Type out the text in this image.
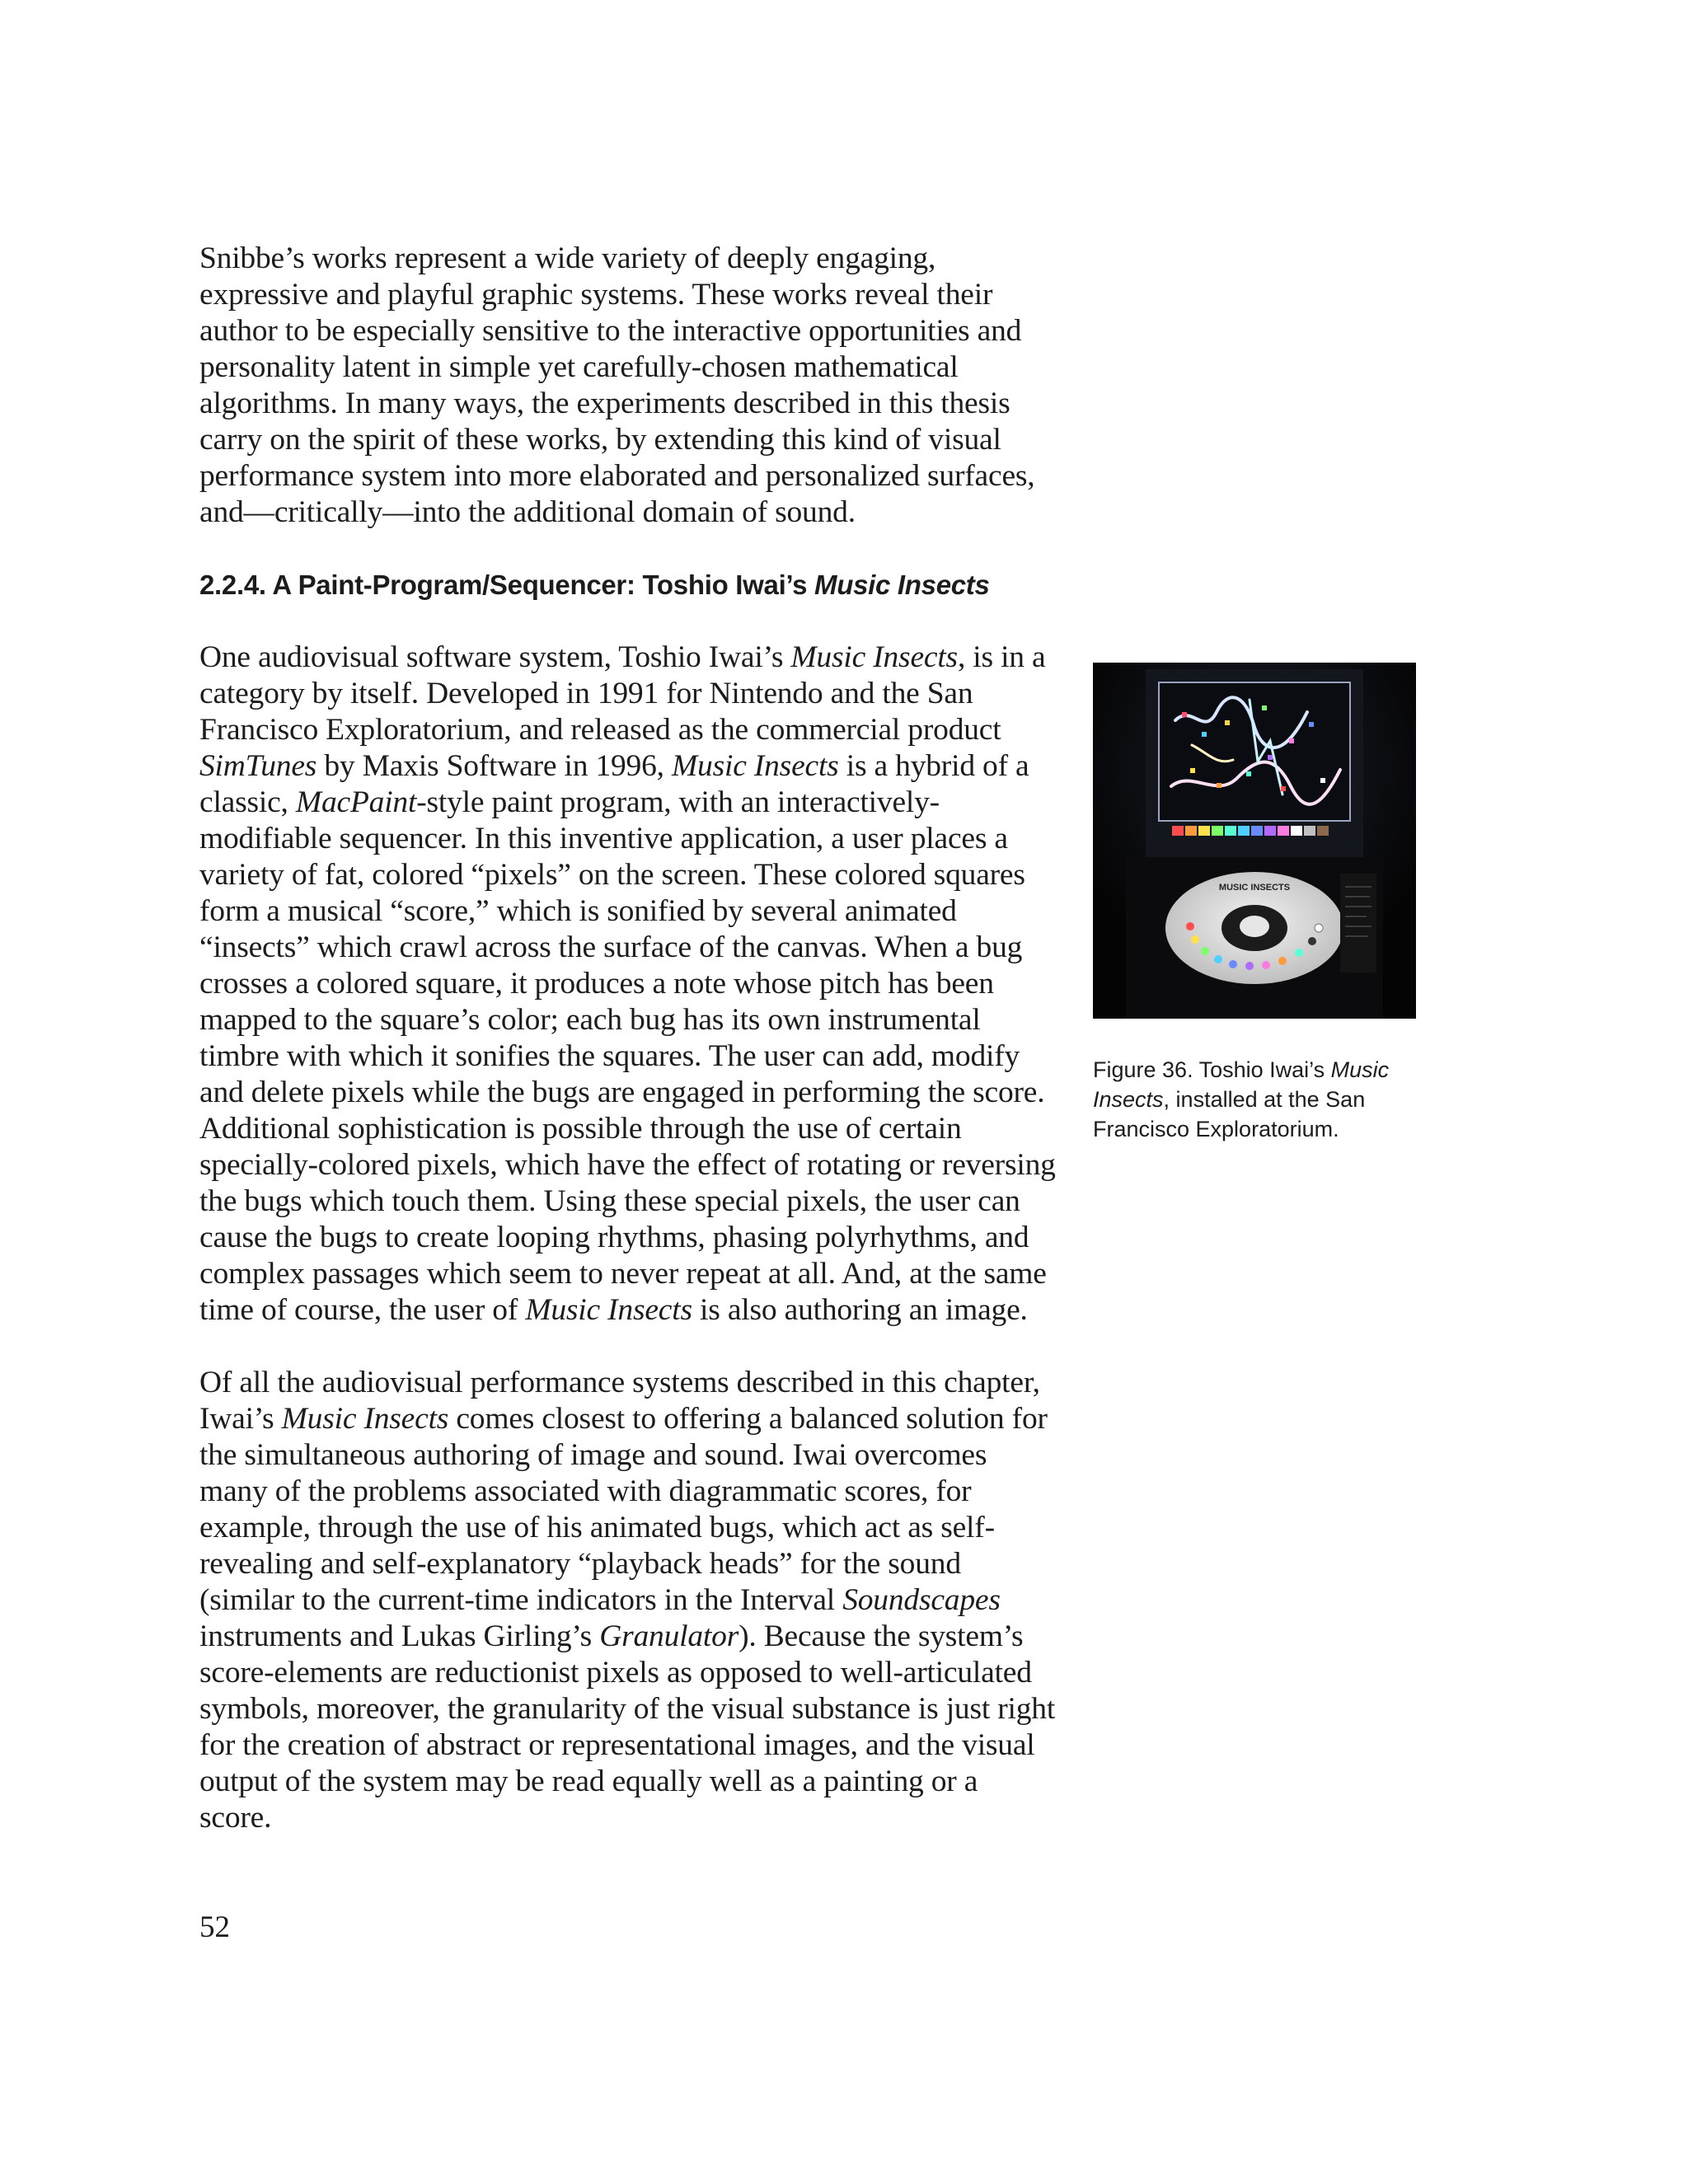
Snibbe’s works represent a wide variety of deeply engaging, expressive and playful graphic systems. These works reveal their author to be especially sensitive to the interactive opportunities and personality latent in simple yet carefully-chosen mathematical algorithms. In many ways, the experiments described in this thesis carry on the spirit of these works, by extending this kind of visual performance system into more elaborated and personalized surfaces, and—critically—into the additional domain of sound.

2.2.4. A Paint-Program/Sequencer: Toshio Iwai’s Music Insects

One audiovisual software system, Toshio Iwai’s Music Insects, is in a category by itself. Developed in 1991 for Nintendo and the San Francisco Exploratorium, and released as the commercial product SimTunes by Maxis Software in 1996, Music Insects is a hybrid of a classic, MacPaint-style paint program, with an interactively-modifiable sequencer. In this inventive application, a user places a variety of fat, colored “pixels” on the screen. These colored squares form a musical “score,” which is sonified by several animated “insects” which crawl across the surface of the canvas. When a bug crosses a colored square, it produces a note whose pitch has been mapped to the square’s color; each bug has its own instrumental timbre with which it sonifies the squares. The user can add, modify and delete pixels while the bugs are engaged in performing the score. Additional sophistication is possible through the use of certain specially-colored pixels, which have the effect of rotating or reversing the bugs which touch them. Using these special pixels, the user can cause the bugs to create looping rhythms, phasing polyrhythms, and complex passages which seem to never repeat at all. And, at the same time of course, the user of Music Insects is also authoring an image.

Of all the audiovisual performance systems described in this chapter, Iwai’s Music Insects comes closest to offering a balanced solution for the simultaneous authoring of image and sound. Iwai overcomes many of the problems associated with diagrammatic scores, for example, through the use of his animated bugs, which act as self-revealing and self-explanatory “playback heads” for the sound (similar to the current-time indicators in the Interval Soundscapes instruments and Lukas Girling’s Granulator). Because the system’s score-elements are reductionist pixels as opposed to well-articulated symbols, moreover, the granularity of the visual substance is just right for the creation of abstract or representational images, and the visual output of the system may be read equally well as a painting or a score.

52
MUSIC INSECTS
Figure 36. Toshio Iwai’s Music Insects, installed at the San Francisco Exploratorium.
